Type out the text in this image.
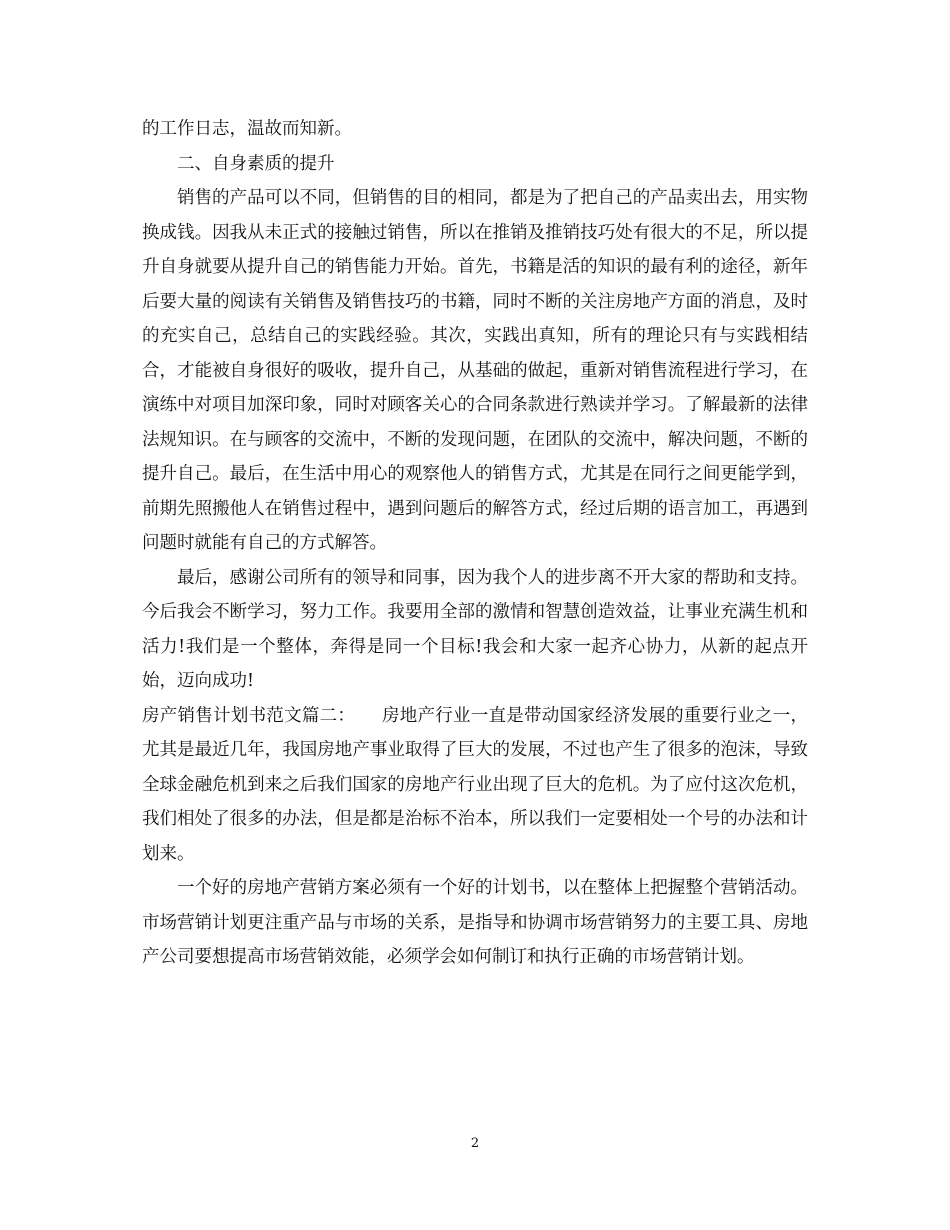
的工作日志，温故而知新。

二、自身素质的提升

销售的产品可以不同，但销售的目的相同，都是为了把自己的产品卖出去，用实物换成钱。因我从未正式的接触过销售，所以在推销及推销技巧处有很大的不足，所以提升自身就要从提升自己的销售能力开始。首先，书籍是活的知识的最有利的途径，新年后要大量的阅读有关销售及销售技巧的书籍，同时不断的关注房地产方面的消息，及时的充实自己，总结自己的实践经验。其次，实践出真知，所有的理论只有与实践相结合，才能被自身很好的吸收，提升自己，从基础的做起，重新对销售流程进行学习，在演练中对项目加深印象，同时对顾客关心的合同条款进行熟读并学习。了解最新的法律法规知识。在与顾客的交流中，不断的发现问题，在团队的交流中，解决问题，不断的提升自己。最后，在生活中用心的观察他人的销售方式，尤其是在同行之间更能学到，前期先照搬他人在销售过程中，遇到问题后的解答方式，经过后期的语言加工，再遇到问题时就能有自己的方式解答。

最后，感谢公司所有的领导和同事，因为我个人的进步离不开大家的帮助和支持。今后我会不断学习，努力工作。我要用全部的激情和智慧创造效益，让事业充满生机和活力!我们是一个整体，奔得是同一个目标!我会和大家一起齐心协力，从新的起点开始，迈向成功!

房产销售计划书范文篇二：　　房地产行业一直是带动国家经济发展的重要行业之一，尤其是最近几年，我国房地产事业取得了巨大的发展，不过也产生了很多的泡沫，导致全球金融危机到来之后我们国家的房地产行业出现了巨大的危机。为了应付这次危机，我们相处了很多的办法，但是都是治标不治本，所以我们一定要相处一个号的办法和计划来。

一个好的房地产营销方案必须有一个好的计划书，以在整体上把握整个营销活动。市场营销计划更注重产品与市场的关系，是指导和协调市场营销努力的主要工具、房地产公司要想提高市场营销效能，必须学会如何制订和执行正确的市场营销计划。

2
